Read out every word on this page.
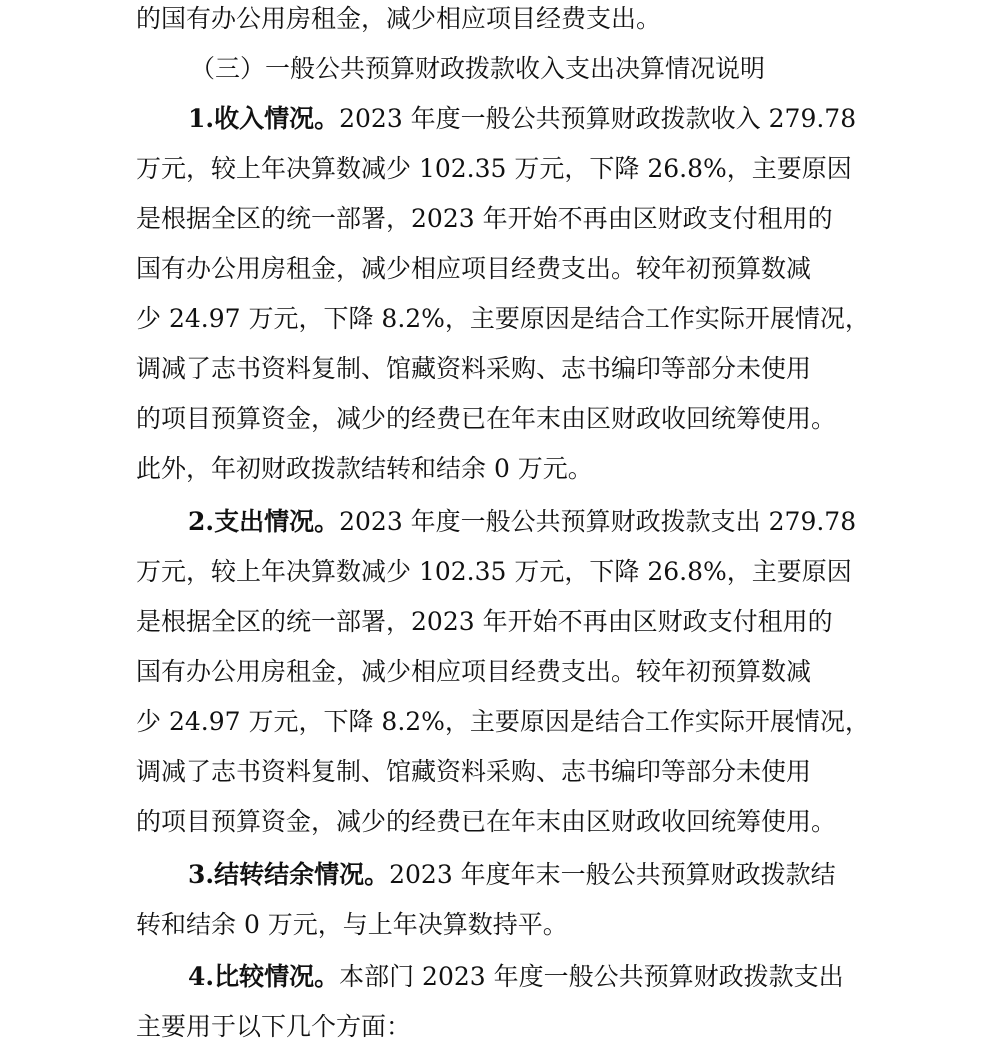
的国有办公用房租金，减少相应项目经费支出。
（三）一般公共预算财政拨款收入支出决算情况说明
1.收入情况。2023 年度一般公共预算财政拨款收入 279.78
万元，较上年决算数减少 102.35 万元，下降 26.8%，主要原因
是根据全区的统一部署，2023 年开始不再由区财政支付租用的
国有办公用房租金，减少相应项目经费支出。较年初预算数减
少 24.97 万元，下降 8.2%，主要原因是结合工作实际开展情况，
调减了志书资料复制、馆藏资料采购、志书编印等部分未使用
的项目预算资金，减少的经费已在年末由区财政收回统筹使用。
此外，年初财政拨款结转和结余 0 万元。
2.支出情况。2023 年度一般公共预算财政拨款支出 279.78
万元，较上年决算数减少 102.35 万元，下降 26.8%，主要原因
是根据全区的统一部署，2023 年开始不再由区财政支付租用的
国有办公用房租金，减少相应项目经费支出。较年初预算数减
少 24.97 万元，下降 8.2%，主要原因是结合工作实际开展情况，
调减了志书资料复制、馆藏资料采购、志书编印等部分未使用
的项目预算资金，减少的经费已在年末由区财政收回统筹使用。
3.结转结余情况。2023 年度年末一般公共预算财政拨款结
转和结余 0 万元，与上年决算数持平。
4.比较情况。本部门 2023 年度一般公共预算财政拨款支出
主要用于以下几个方面：
